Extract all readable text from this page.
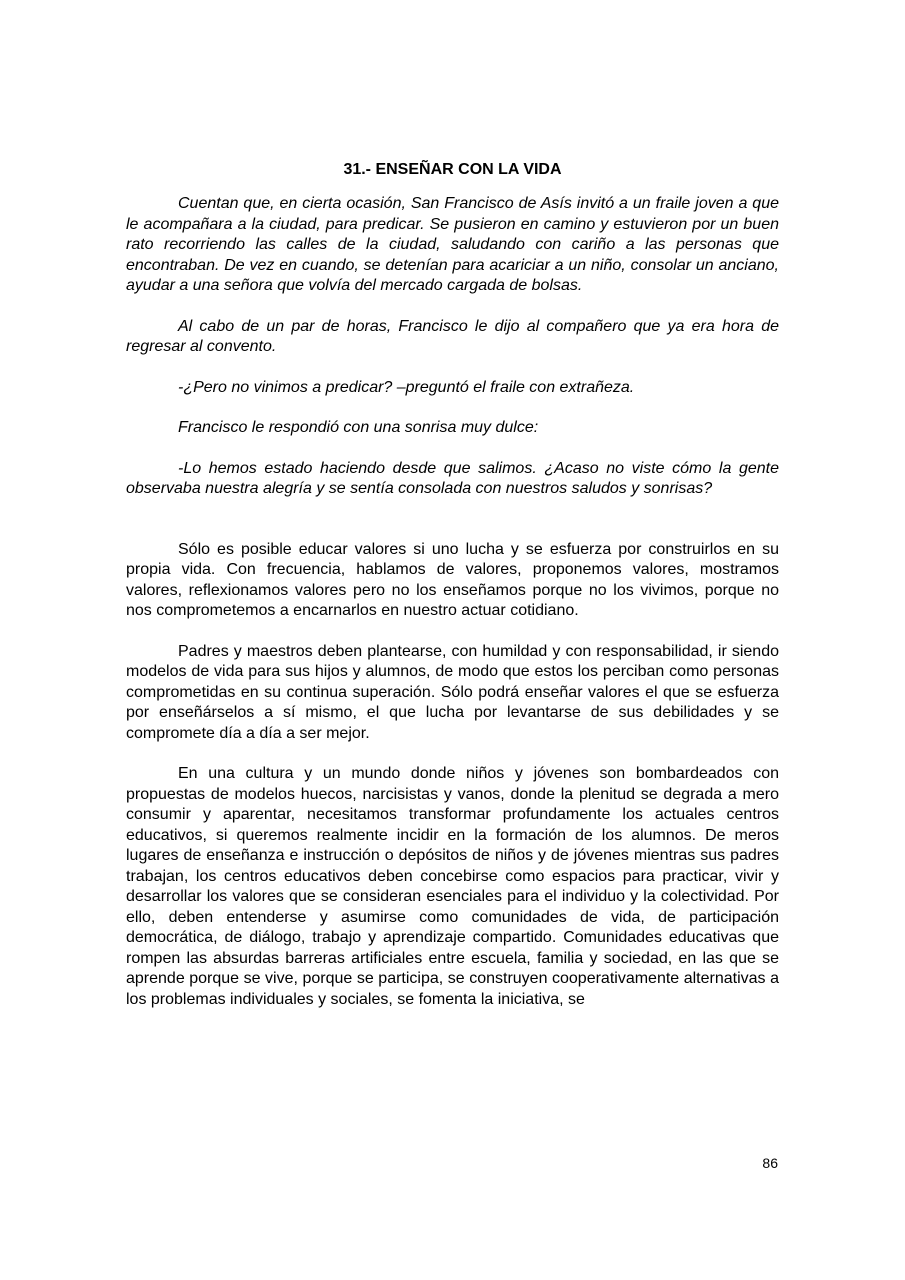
31.- ENSEÑAR CON LA VIDA

Cuentan que, en cierta ocasión, San Francisco de Asís invitó a un fraile joven a que le acompañara a la ciudad, para predicar. Se pusieron en camino y estuvieron por un buen rato recorriendo las calles de la ciudad, saludando con cariño a las personas que encontraban. De vez en cuando, se detenían para acariciar a un niño, consolar un anciano, ayudar a una señora que volvía del mercado cargada de bolsas.

Al cabo de un par de horas, Francisco le dijo al compañero que ya era hora de regresar al convento.

-¿Pero no vinimos a predicar? –preguntó el fraile con extrañeza.

Francisco le respondió con una sonrisa muy dulce:

-Lo hemos estado haciendo desde que salimos. ¿Acaso no viste cómo la gente observaba nuestra alegría y se sentía consolada con nuestros saludos y sonrisas?

Sólo es posible educar valores si uno lucha y se esfuerza por construirlos en su propia vida. Con frecuencia, hablamos de valores, proponemos valores, mostramos valores, reflexionamos valores pero no los enseñamos porque no los vivimos, porque no nos comprometemos a encarnarlos en nuestro actuar cotidiano.

Padres y maestros deben plantearse, con humildad y con responsabilidad, ir siendo modelos de vida para sus hijos y alumnos, de modo que estos los perciban como personas comprometidas en su continua superación. Sólo podrá enseñar valores el que se esfuerza por enseñárselos a sí mismo, el que lucha por levantarse de sus debilidades y se compromete día a día a ser mejor.

En una cultura y un mundo donde niños y jóvenes son bombardeados con propuestas de modelos huecos, narcisistas y vanos, donde la plenitud se degrada a mero consumir y aparentar, necesitamos transformar profundamente los actuales centros educativos, si queremos realmente incidir en la formación de los alumnos. De meros lugares de enseñanza e instrucción o depósitos de niños y de jóvenes mientras sus padres trabajan, los centros educativos deben concebirse como espacios para practicar, vivir y desarrollar los valores que se consideran esenciales para el individuo y la colectividad. Por ello, deben entenderse y asumirse como comunidades de vida, de participación democrática, de diálogo, trabajo y aprendizaje compartido. Comunidades educativas que rompen las absurdas barreras artificiales entre escuela, familia y sociedad, en las que se aprende porque se vive, porque se participa, se construyen cooperativamente alternativas a los problemas individuales y sociales, se fomenta la iniciativa, se

86
